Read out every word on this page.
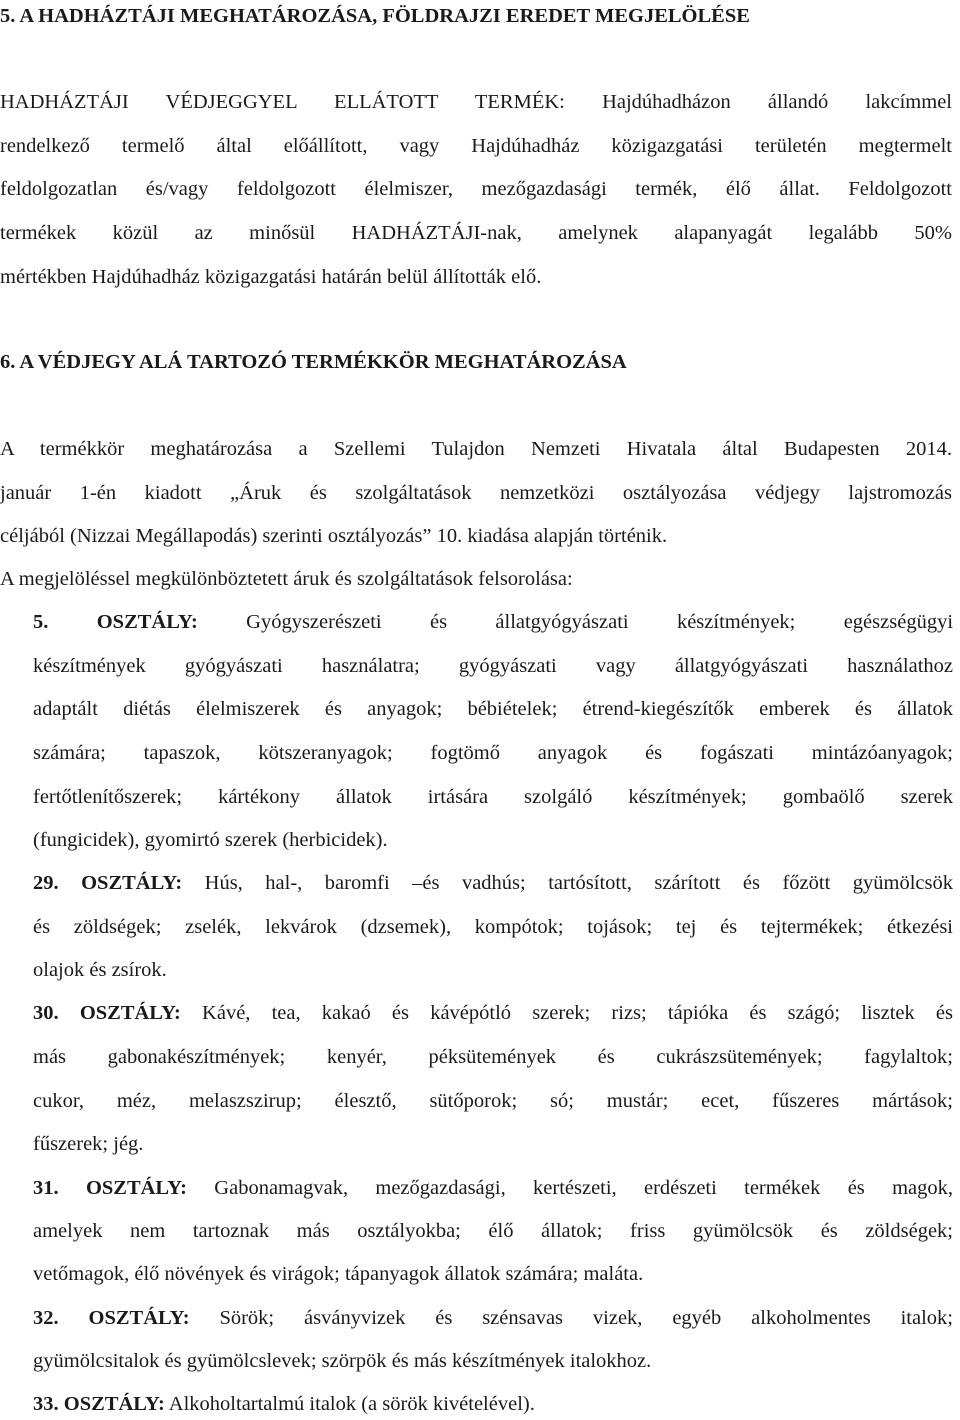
5. A HADHÁZTÁJI MEGHATÁROZÁSA, FÖLDRAJZI EREDET MEGJELÖLÉSE
HADHÁZTÁJI VÉDJEGGYEL ELLÁTOTT TERMÉK: Hajdúhadházon állandó lakcímmel
rendelkező termelő által előállított, vagy Hajdúhadház közigazgatási területén megtermelt
feldolgozatlan és/vagy feldolgozott élelmiszer, mezőgazdasági termék, élő állat. Feldolgozott
termékek közül az minősül HADHÁZTÁJI-nak, amelynek alapanyagát legalább 50%
mértékben Hajdúhadház közigazgatási határán belül állították elő.
6. A VÉDJEGY ALÁ TARTOZÓ TERMÉKKÖR MEGHATÁROZÁSA
A termékkör meghatározása a Szellemi Tulajdon Nemzeti Hivatala által Budapesten 2014.
január 1-én kiadott „Áruk és szolgáltatások nemzetközi osztályozása védjegy lajstromozás
céljából (Nizzai Megállapodás) szerinti osztályozás” 10. kiadása alapján történik.
A megjelöléssel megkülönböztetett áruk és szolgáltatások felsorolása:
5. OSZTÁLY: Gyógyszerészeti és állatgyógyászati készítmények; egészségügyi
készítmények gyógyászati használatra; gyógyászati vagy állatgyógyászati használathoz
adaptált diétás élelmiszerek és anyagok; bébiételek; étrend-kiegészítők emberek és állatok
számára; tapaszok, kötszeranyagok; fogtömő anyagok és fogászati mintázóanyagok;
fertőtlenítőszerek; kártékony állatok irtására szolgáló készítmények; gombaölő szerek
(fungicidek), gyomirtó szerek (herbicidek).
29. OSZTÁLY: Hús, hal-, baromfi –és vadhús; tartósított, szárított és főzött gyümölcsök
és zöldségek; zselék, lekvárok (dzsemek), kompótok; tojások; tej és tejtermékek; étkezési
olajok és zsírok.
30. OSZTÁLY: Kávé, tea, kakaó és kávépótló szerek; rizs; tápióka és szágó; lisztek és
más gabonakészítmények; kenyér, péksütemények és cukrászsütemények; fagylaltok;
cukor, méz, melaszszirup; élesztő, sütőporok; só; mustár; ecet, fűszeres mártások;
fűszerek; jég.
31. OSZTÁLY: Gabonamagvak, mezőgazdasági, kertészeti, erdészeti termékek és magok,
amelyek nem tartoznak más osztályokba; élő állatok; friss gyümölcsök és zöldségek;
vetőmagok, élő növények és virágok; tápanyagok állatok számára; maláta.
32. OSZTÁLY: Sörök; ásványvizek és szénsavas vizek, egyéb alkoholmentes italok;
gyümölcsitalok és gyümölcslevek; szörpök és más készítmények italokhoz.
33. OSZTÁLY: Alkoholtartalmú italok (a sörök kivételével).
